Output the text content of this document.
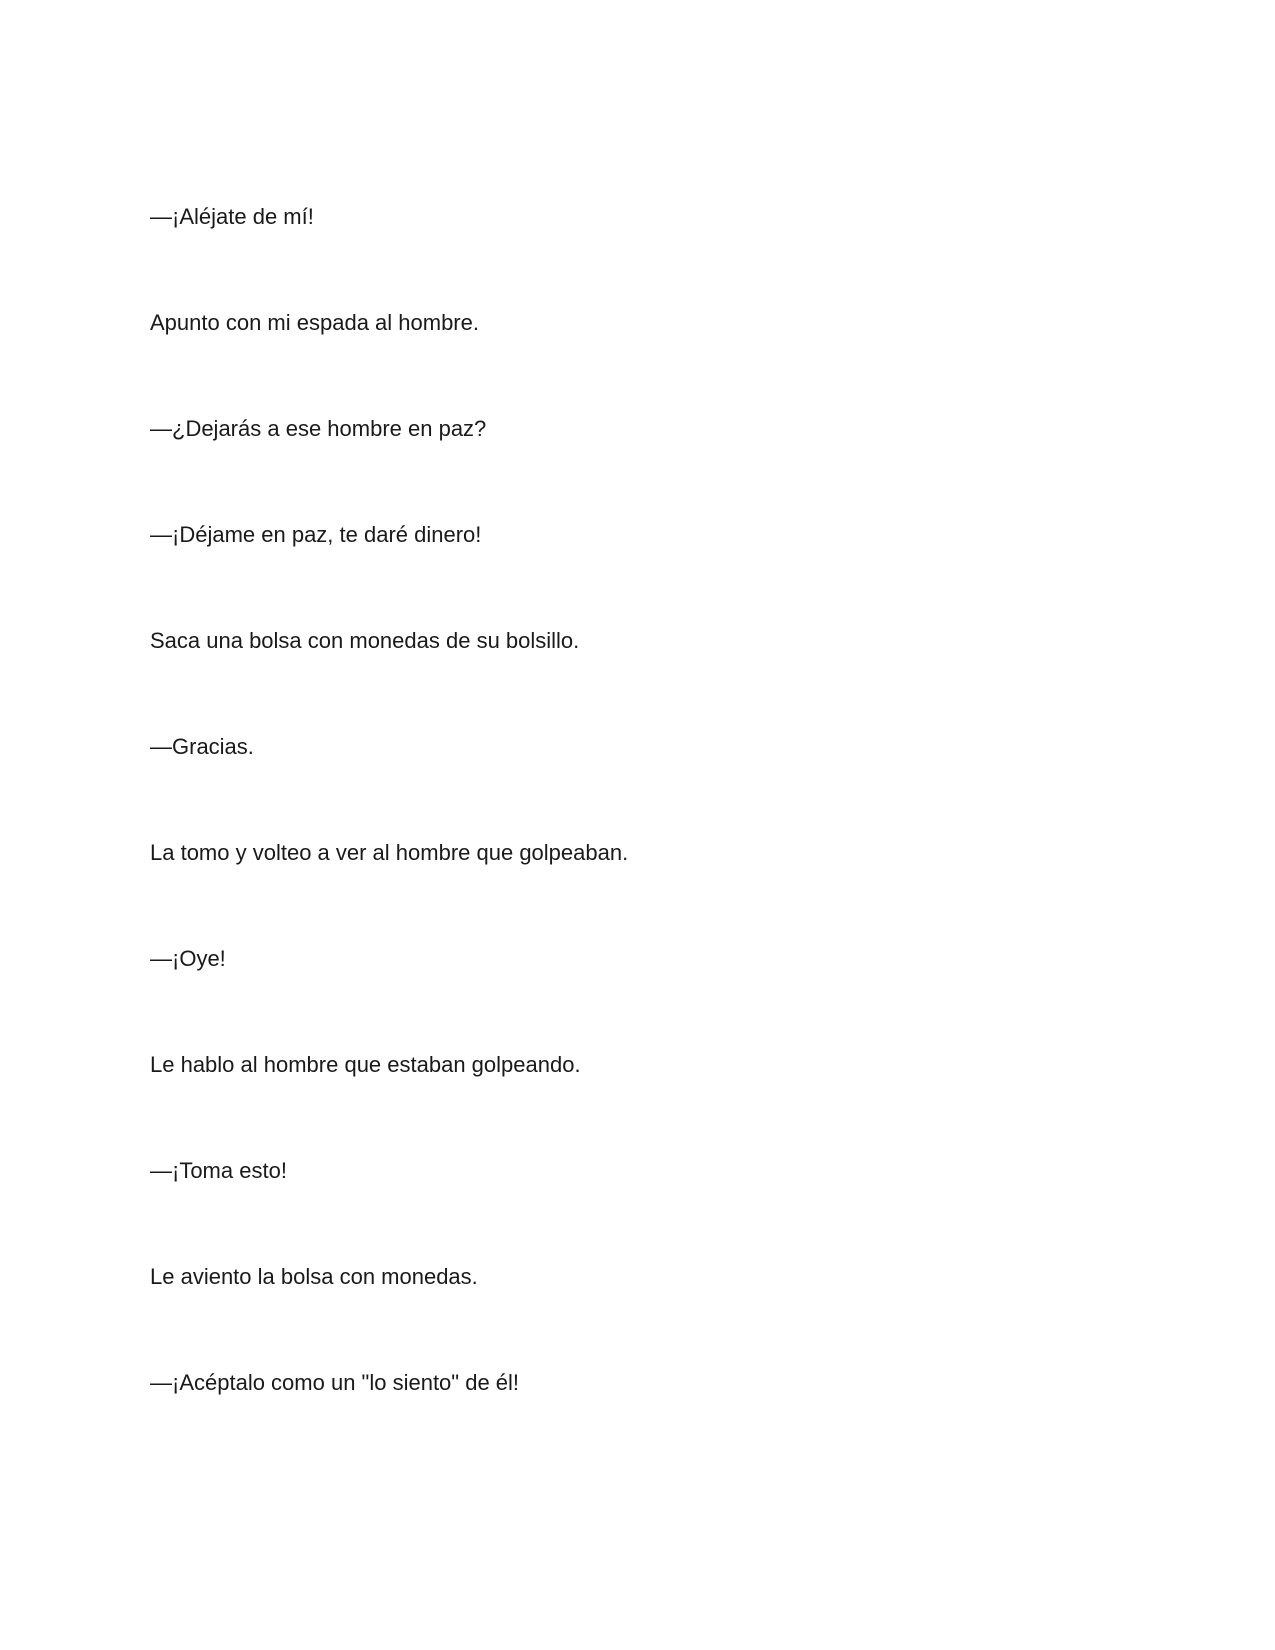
—¡Aléjate de mí!

Apunto con mi espada al hombre.

—¿Dejarás a ese hombre en paz?

—¡Déjame en paz, te daré dinero!

Saca una bolsa con monedas de su bolsillo.

—Gracias.

La tomo y volteo a ver al hombre que golpeaban.

—¡Oye!

Le hablo al hombre que estaban golpeando.

—¡Toma esto!

Le aviento la bolsa con monedas.

—¡Acéptalo como un "lo siento" de él!
